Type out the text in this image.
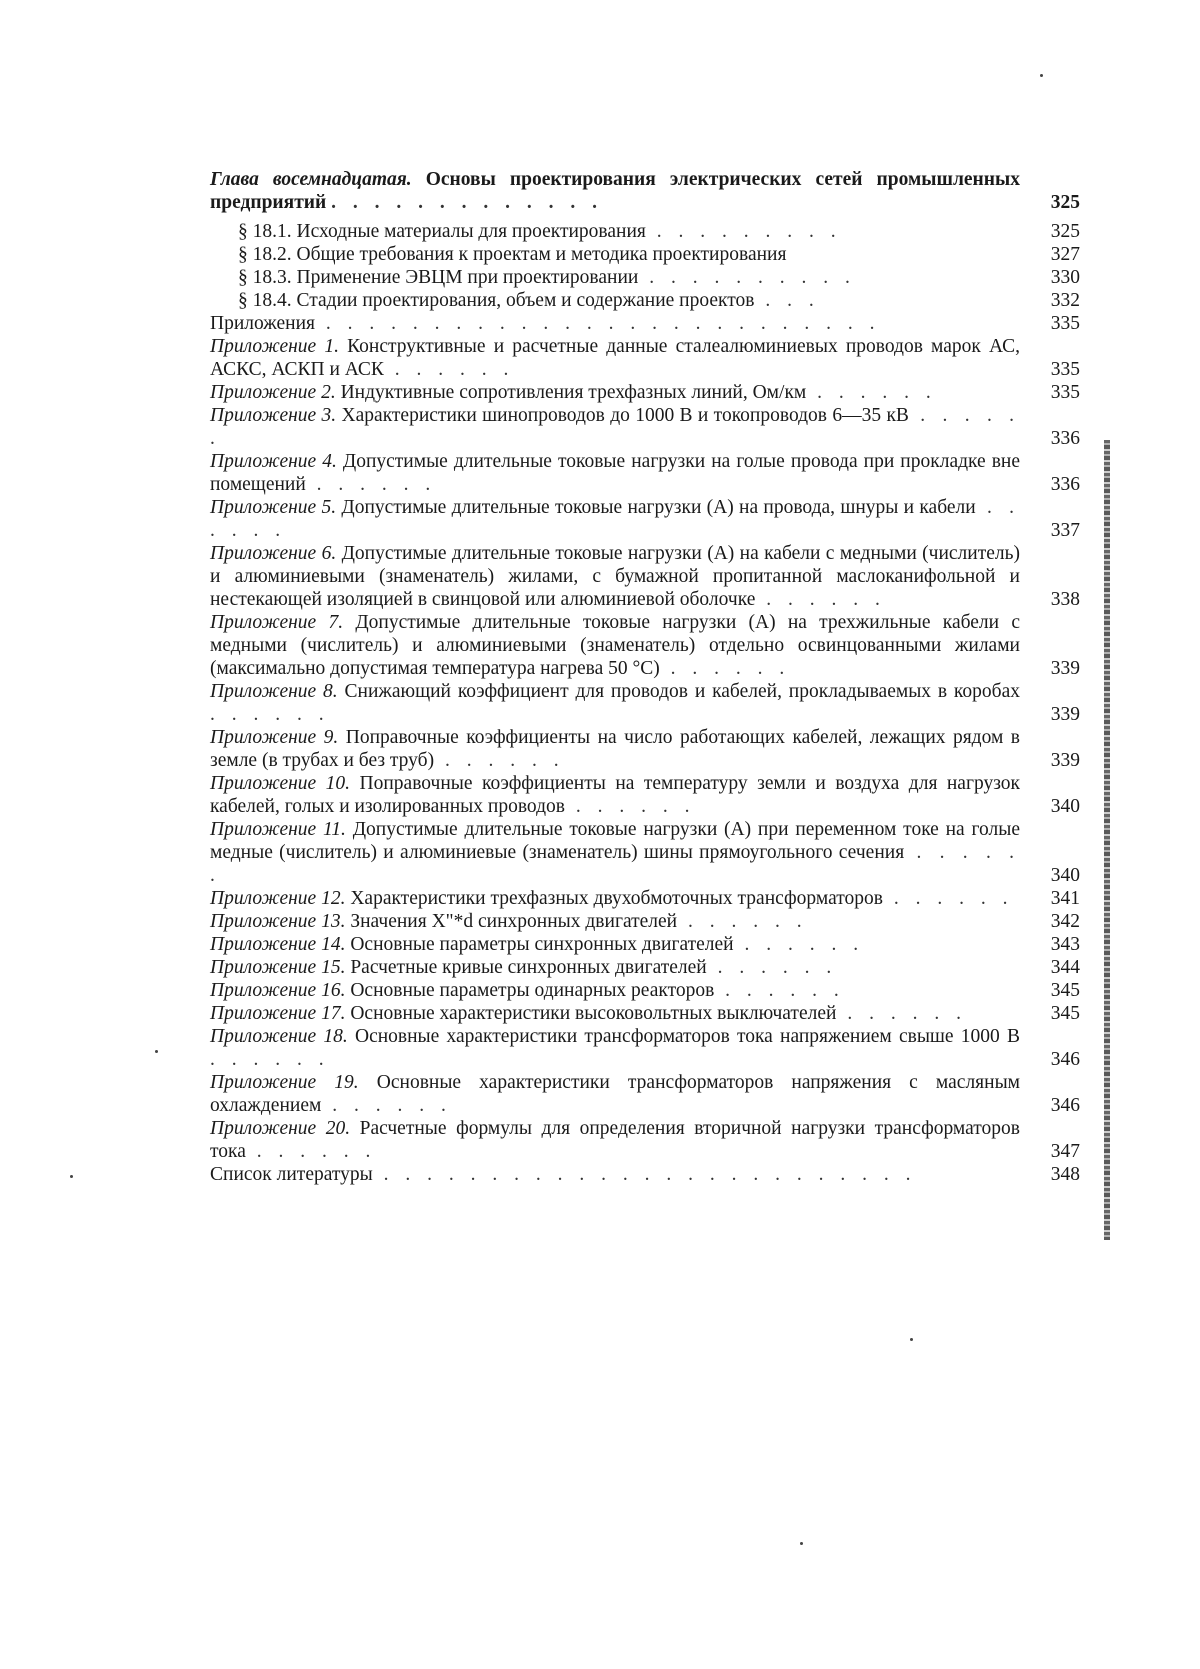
Глава восемнадцатая. Основы проектирования электрических сетей промышленных предприятий . . . . . . . . . . . . .	325
§ 18.1. Исходные материалы для проектирования . . . . . . . . .	325
§ 18.2. Общие требования к проектам и методика проектирования	327
§ 18.3. Применение ЭВЦМ при проектировании . . . . . . . . . .	330
§ 18.4. Стадии проектирования, объем и содержание проектов . . .	332
Приложения . . . . . . . . . . . . . . . . . . . . . . . . . .	335
Приложение 1. Конструктивные и расчетные данные сталеалюминиевых проводов марок АС, АСКС, АСКП и АСК . . . . . .	335
Приложение 2. Индуктивные сопротивления трехфазных линий, Ом/км . . . . . .	335
Приложение 3. Характеристики шинопроводов до 1000 В и токопроводов 6—35 кВ . . . . . .	336
Приложение 4. Допустимые длительные токовые нагрузки на голые провода при прокладке вне помещений . . . . . .	336
Приложение 5. Допустимые длительные токовые нагрузки (А) на провода, шнуры и кабели . . . . . .	337
Приложение 6. Допустимые длительные токовые нагрузки (А) на кабели с медными (числитель) и алюминиевыми (знаменатель) жилами, с бумажной пропитанной маслоканифольной и нестекающей изоляцией в свинцовой или алюминиевой оболочке . . . . . .	338
Приложение 7. Допустимые длительные токовые нагрузки (А) на трехжильные кабели с медными (числитель) и алюминиевыми (знаменатель) отдельно освинцованными жилами (максимально допустимая температура нагрева 50 °С) . . . . . .	339
Приложение 8. Снижающий коэффициент для проводов и кабелей, прокладываемых в коробах . . . . . .	339
Приложение 9. Поправочные коэффициенты на число работающих кабелей, лежащих рядом в земле (в трубах и без труб) . . . . . .	339
Приложение 10. Поправочные коэффициенты на температуру земли и воздуха для нагрузок кабелей, голых и изолированных проводов . . . . . .	340
Приложение 11. Допустимые длительные токовые нагрузки (А) при переменном токе на голые медные (числитель) и алюминиевые (знаменатель) шины прямоугольного сечения . . . . . .	340
Приложение 12. Характеристики трехфазных двухобмоточных трансформаторов . . . . . .	341
Приложение 13. Значения X"*d синхронных двигателей . . . . . .	342
Приложение 14. Основные параметры синхронных двигателей . . . . . .	343
Приложение 15. Расчетные кривые синхронных двигателей . . . . . .	344
Приложение 16. Основные параметры одинарных реакторов . . . . . .	345
Приложение 17. Основные характеристики высоковольтных выключателей . . . . . .	345
Приложение 18. Основные характеристики трансформаторов тока напряжением свыше 1000 В . . . . . .	346
Приложение 19. Основные характеристики трансформаторов напряжения с масляным охлаждением . . . . . .	346
Приложение 20. Расчетные формулы для определения вторичной нагрузки трансформаторов тока . . . . . .	347
Список литературы . . . . . . . . . . . . . . . . . . . . . . . . .	348
